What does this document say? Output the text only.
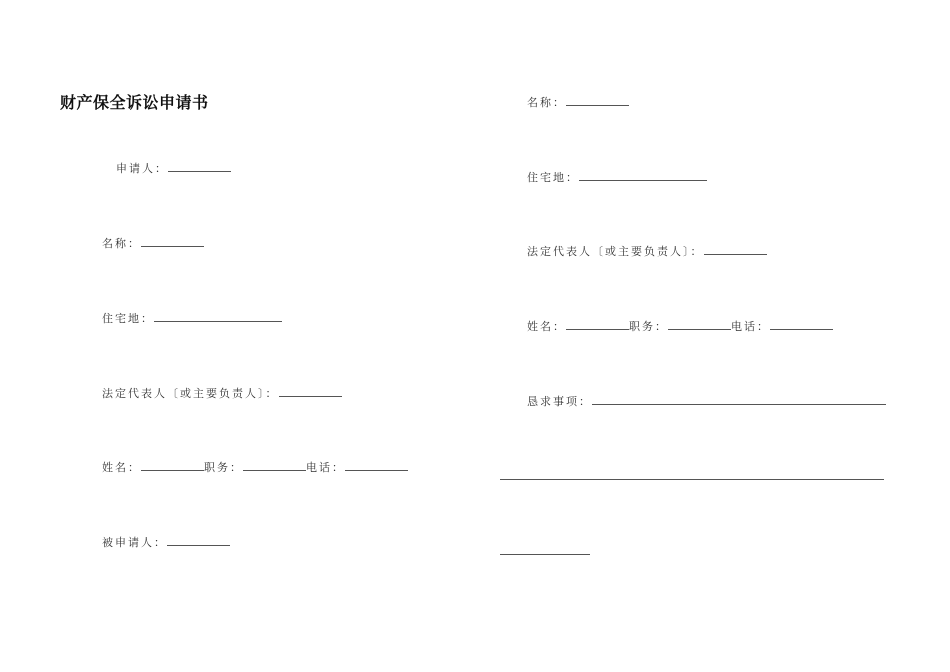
财产保全诉讼申请书
申请人：
名称：
住宅地：
法定代表人〔或主要负责人〕：
姓名：	职务：	电话：
被申请人：
名称：
住宅地：
法定代表人〔或主要负责人〕：
姓名：	职务：	电话：
恳求事项：
